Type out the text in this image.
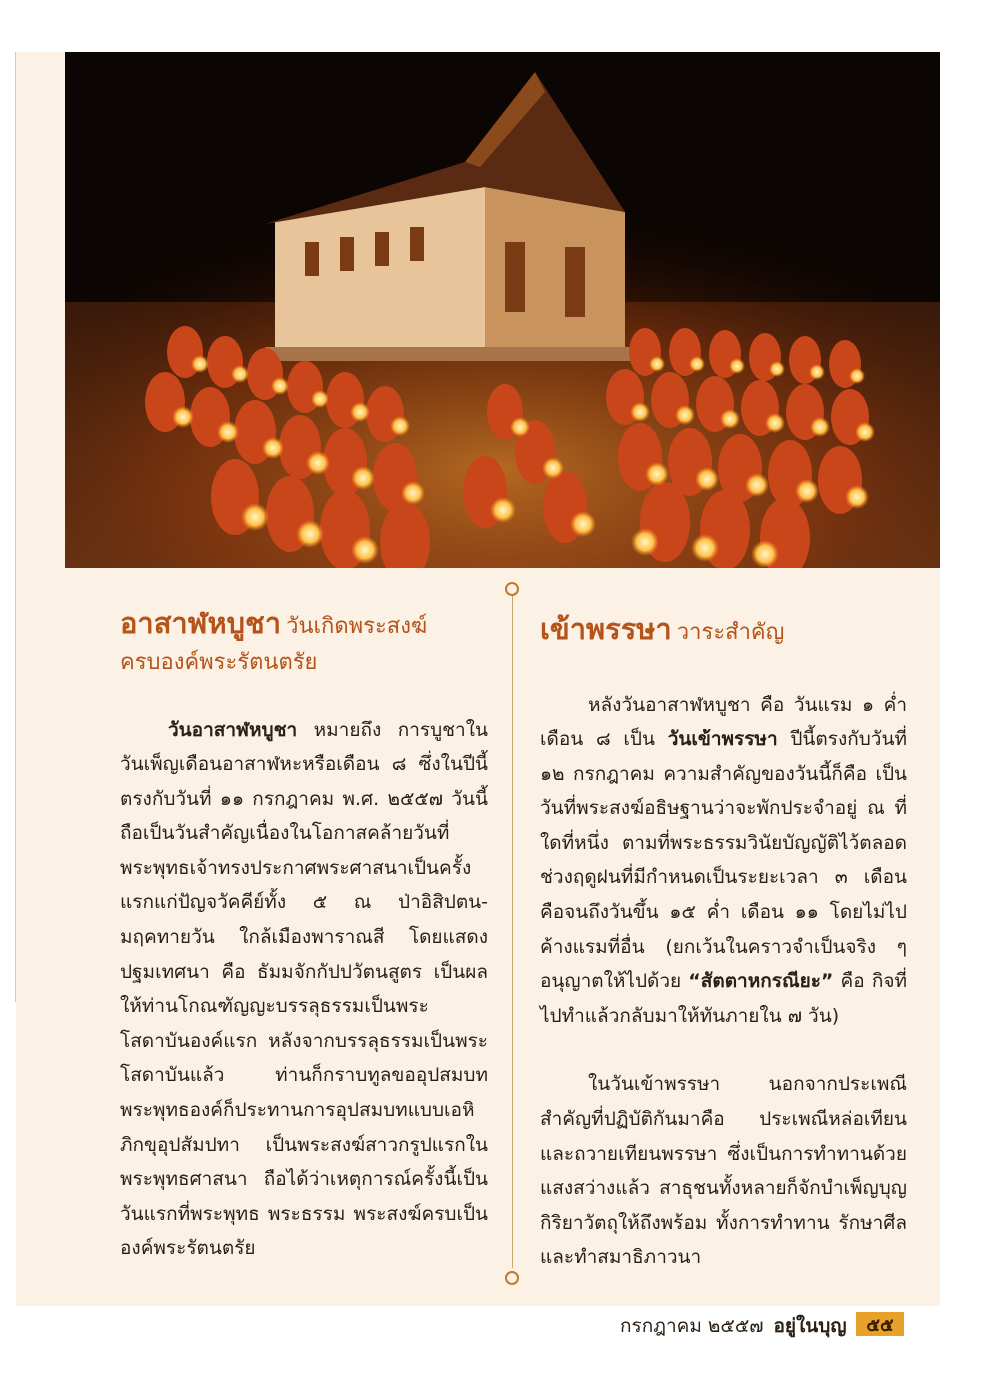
อาสาฬหบูชา วันเกิดพระสงฆ์

ครบองค์พระรัตนตรัย

วันอาสาฬหบูชา หมายถึง การบูชาในวันเพ็ญเดือนอาสาฬหะหรือเดือน ๘ ซึ่งในปีนี้ตรงกับวันที่ ๑๑ กรกฎาคม พ.ศ. ๒๕๕๗ วันนี้ถือเป็นวันสำคัญเนื่องในโอกาสคล้ายวันที่พระพุทธเจ้าทรงประกาศพระศาสนาเป็นครั้งแรกแก่ปัญจวัคคีย์ทั้ง ๕ ณ ป่าอิสิปตน-มฤคทายวัน ใกล้เมืองพาราณสี โดยแสดงปฐมเทศนา คือ ธัมมจักกัปปวัตนสูตร เป็นผลให้ท่านโกณฑัญญะบรรลุธรรมเป็นพระโสดาบันองค์แรก หลังจากบรรลุธรรมเป็นพระโสดาบันแล้ว ท่านก็กราบทูลขออุปสมบท พระพุทธองค์ก็ประทานการอุปสมบทแบบเอหิภิกขุอุปสัมปทา เป็นพระสงฆ์สาวกรูปแรกในพระพุทธศาสนา ถือได้ว่าเหตุการณ์ครั้งนี้เป็นวันแรกที่พระพุทธ พระธรรม พระสงฆ์ครบเป็นองค์พระรัตนตรัย

เข้าพรรษา วาระสำคัญ

หลังวันอาสาฬหบูชา คือ วันแรม ๑ ค่ำ เดือน ๘ เป็น วันเข้าพรรษา ปีนี้ตรงกับวันที่ ๑๒ กรกฎาคม ความสำคัญของวันนี้ก็คือ เป็นวันที่พระสงฆ์อธิษฐานว่าจะพักประจำอยู่ ณ ที่ใดที่หนึ่ง ตามที่พระธรรมวินัยบัญญัติไว้ตลอดช่วงฤดูฝนที่มีกำหนดเป็นระยะเวลา ๓ เดือน คือจนถึงวันขึ้น ๑๕ ค่ำ เดือน ๑๑ โดยไม่ไปค้างแรมที่อื่น (ยกเว้นในคราวจำเป็นจริง ๆ อนุญาตให้ไปด้วย “สัตตาหกรณียะ” คือ กิจที่ไปทำแล้วกลับมาให้ทันภายใน ๗ วัน)

ในวันเข้าพรรษา นอกจากประเพณีสำคัญที่ปฏิบัติกันมาคือ ประเพณีหล่อเทียนและถวายเทียนพรรษา ซึ่งเป็นการทำทานด้วยแสงสว่างแล้ว สาธุชนทั้งหลายก็จักบำเพ็ญบุญกิริยาวัตถุให้ถึงพร้อม ทั้งการทำทาน รักษาศีล และทำสมาธิภาวนา

กรกฎาคม ๒๕๕๗ อยู่ในบุญ	๕๕
